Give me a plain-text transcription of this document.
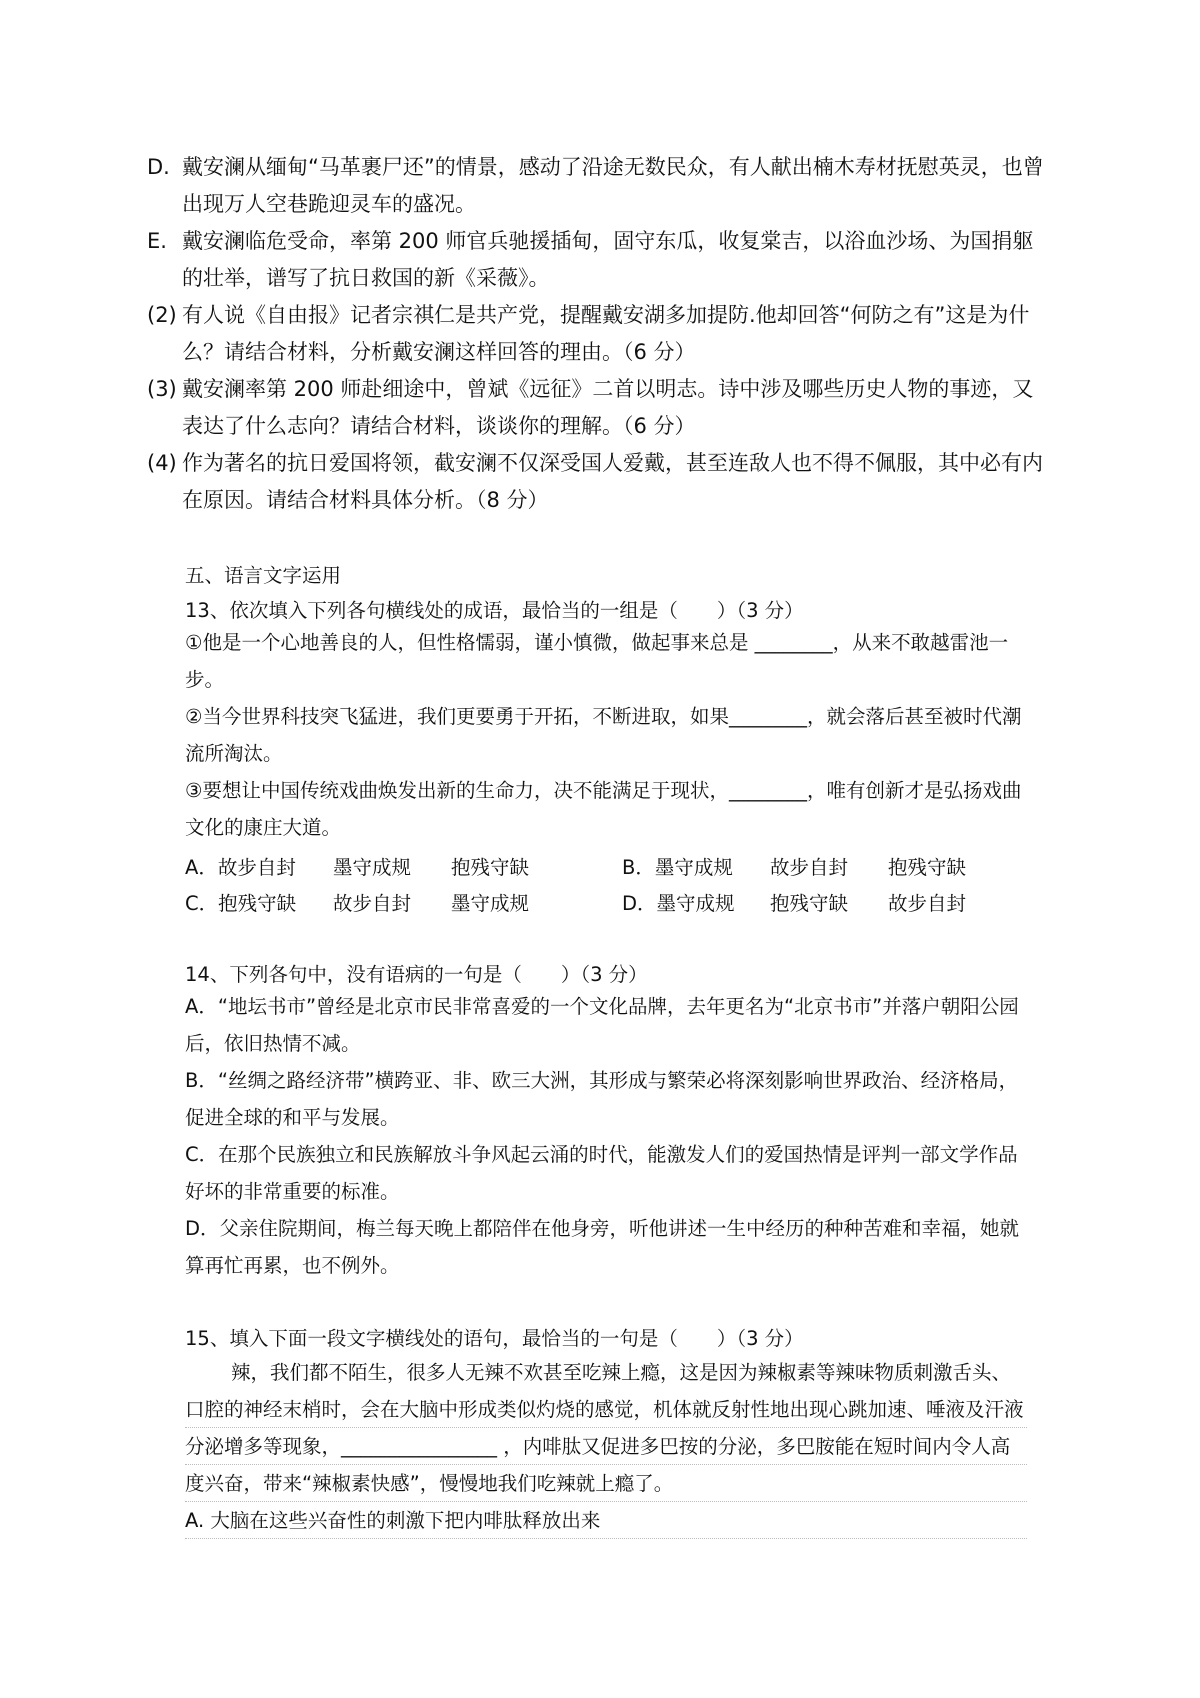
D. 戴安澜从缅甸“马革裹尸还”的情景，感动了沿途无数民众，有人献出楠木寿材抚慰英灵，也曾出现万人空巷跪迎灵车的盛况。
E. 戴安澜临危受命，率第 200 师官兵驰援插甸，固守东瓜，收复棠吉，以浴血沙场、为国捐躯的壮举，谱写了抗日救国的新《采薇》。
(2) 有人说《自由报》记者宗祺仁是共产党，提醒戴安湖多加提防.他却回答“何防之有”这是为什么？请结合材料，分析戴安澜这样回答的理由。（6 分）
(3) 戴安澜率第 200 师赴细途中，曾斌《远征》二首以明志。诗中涉及哪些历史人物的事迹，又表达了什么志向？请结合材料，谈谈你的理解。（6 分）
(4) 作为著名的抗日爱国将领，截安澜不仅深受国人爱戴，甚至连敌人也不得不佩服，其中必有内在原因。请结合材料具体分析。（8 分）
五、语言文字运用
13、依次填入下列各句横线处的成语，最恰当的一组是（　　）（3 分）
①他是一个心地善良的人，但性格懦弱，谨小慎微，做起事来总是 ________，从来不敢越雷池一步。
②当今世界科技突飞猛进，我们更要勇于开拓，不断进取，如果________，就会落后甚至被时代潮流所淘汰。
③要想让中国传统戏曲焕发出新的生命力，决不能满足于现状，________，唯有创新才是弘扬戏曲文化的康庄大道。
A．故步自封 墨守成规 抱残守缺	B．墨守成规 故步自封 抱残守缺
C．抱残守缺 故步自封 墨守成规	D．墨守成规 抱残守缺 故步自封
14、下列各句中，没有语病的一句是（　　）（3 分）
A．“地坛书市”曾经是北京市民非常喜爱的一个文化品牌，去年更名为“北京书市”并落户朝阳公园后，依旧热情不减。
B．“丝绸之路经济带”横跨亚、非、欧三大洲，其形成与繁荣必将深刻影响世界政治、经济格局，促进全球的和平与发展。
C．在那个民族独立和民族解放斗争风起云涌的时代，能激发人们的爱国热情是评判一部文学作品好坏的非常重要的标准。
D．父亲住院期间，梅兰每天晚上都陪伴在他身旁，听他讲述一生中经历的种种苦难和幸福，她就算再忙再累，也不例外。
15、填入下面一段文字横线处的语句，最恰当的一句是（　　）（3 分）
辣，我们都不陌生，很多人无辣不欢甚至吃辣上瘾，这是因为辣椒素等辣味物质刺激舌头、口腔的神经末梢时，会在大脑中形成类似灼烧的感觉，机体就反射性地出现心跳加速、唾液及汗液分泌增多等现象，________________ ，内啡肽又促进多巴按的分泌，多巴胺能在短时间内令人高度兴奋，带来“辣椒素快感”，慢慢地我们吃辣就上瘾了。
A. 大脑在这些兴奋性的刺激下把内啡肽释放出来
